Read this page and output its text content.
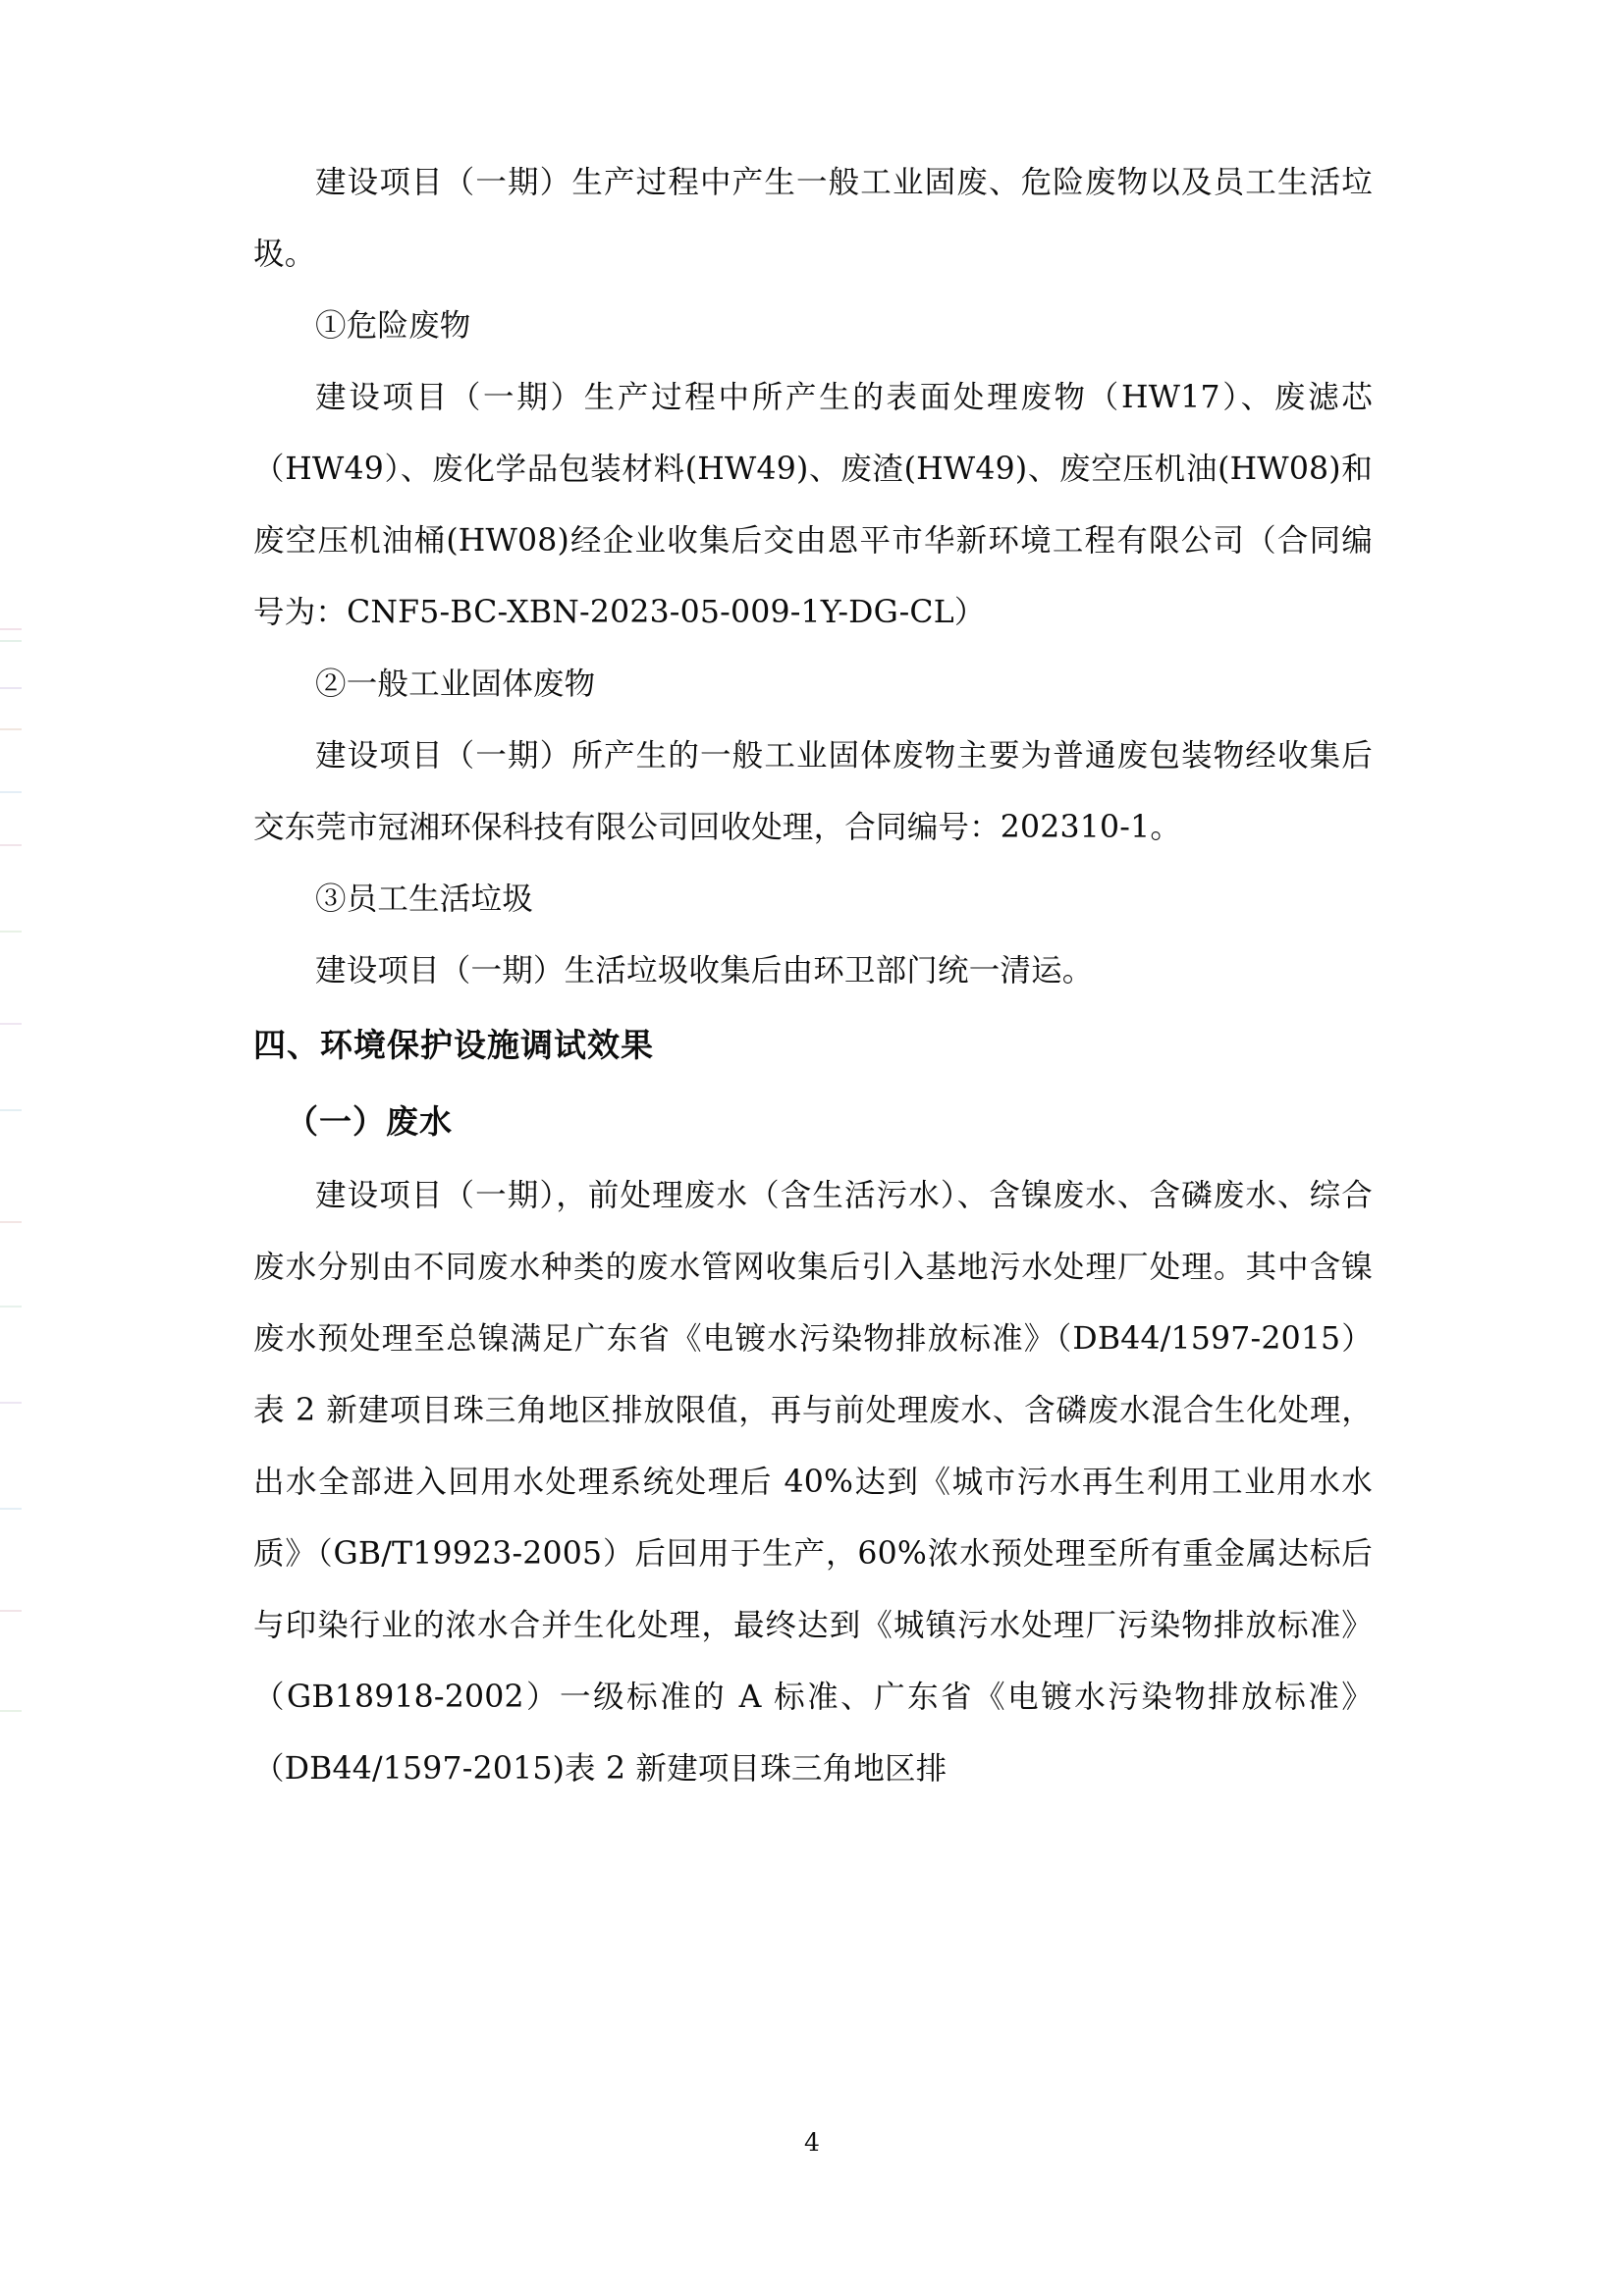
建设项目（一期）生产过程中产生一般工业固废、危险废物以及员工生活垃圾。

①危险废物

建设项目（一期）生产过程中所产生的表面处理废物（HW17）、废滤芯（HW49）、废化学品包装材料(HW49)、废渣(HW49)、废空压机油(HW08)和废空压机油桶(HW08)经企业收集后交由恩平市华新环境工程有限公司（合同编号为：CNF5-BC-XBN-2023-05-009-1Y-DG-CL）

②一般工业固体废物

建设项目（一期）所产生的一般工业固体废物主要为普通废包装物经收集后交东莞市冠湘环保科技有限公司回收处理，合同编号：202310-1。

③员工生活垃圾

建设项目（一期）生活垃圾收集后由环卫部门统一清运。

四、环境保护设施调试效果
（一）废水

建设项目（一期），前处理废水（含生活污水）、含镍废水、含磷废水、综合废水分别由不同废水种类的废水管网收集后引入基地污水处理厂处理。其中含镍废水预处理至总镍满足广东省《电镀水污染物排放标准》（DB44/1597-2015）表 2 新建项目珠三角地区排放限值，再与前处理废水、含磷废水混合生化处理，出水全部进入回用水处理系统处理后 40%达到《城市污水再生利用工业用水水质》（GB/T19923-2005）后回用于生产，60%浓水预处理至所有重金属达标后与印染行业的浓水合并生化处理，最终达到《城镇污水处理厂污染物排放标准》（GB18918-2002）一级标准的 A 标准、广东省《电镀水污染物排放标准》（DB44/1597-2015)表 2 新建项目珠三角地区排

4
